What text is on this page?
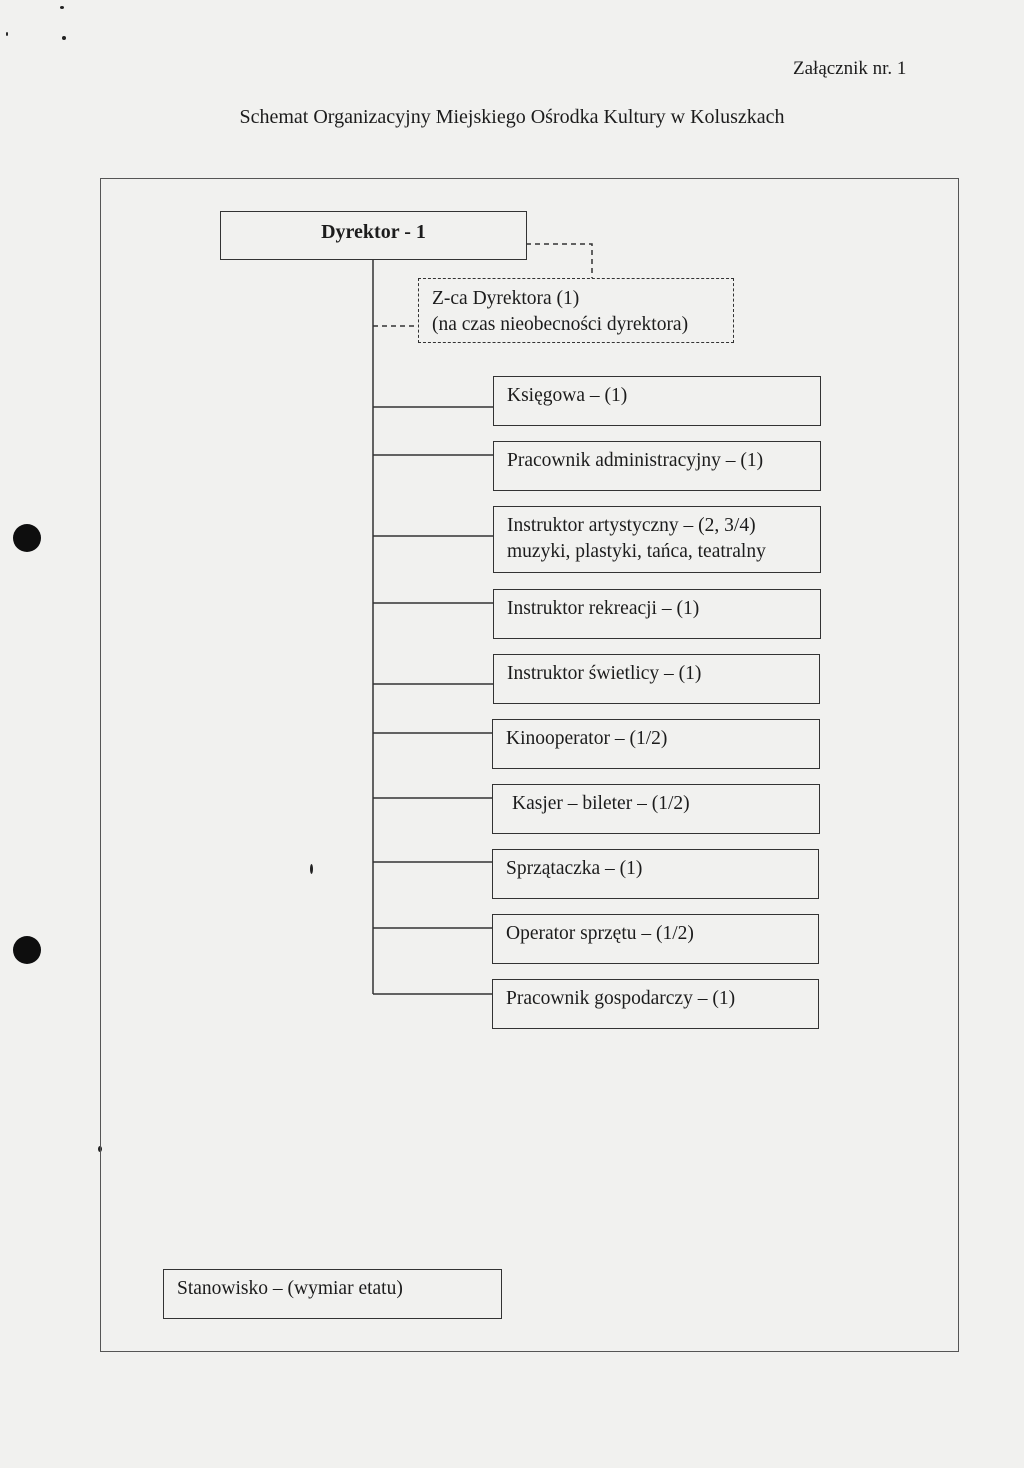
Załącznik nr. 1
Schemat Organizacyjny Miejskiego Ośrodka Kultury w Koluszkach
Dyrektor - 1
Z-ca Dyrektora (1)
(na czas nieobecności dyrektora)
Księgowa – (1)
Pracownik administracyjny – (1)
Instruktor artystyczny – (2, 3/4)
muzyki, plastyki, tańca, teatralny
Instruktor rekreacji – (1)
Instruktor świetlicy – (1)
Kinooperator – (1/2)
Kasjer – bileter – (1/2)
Sprzątaczka – (1)
Operator sprzętu – (1/2)
Pracownik gospodarczy – (1)
Stanowisko – (wymiar etatu)
